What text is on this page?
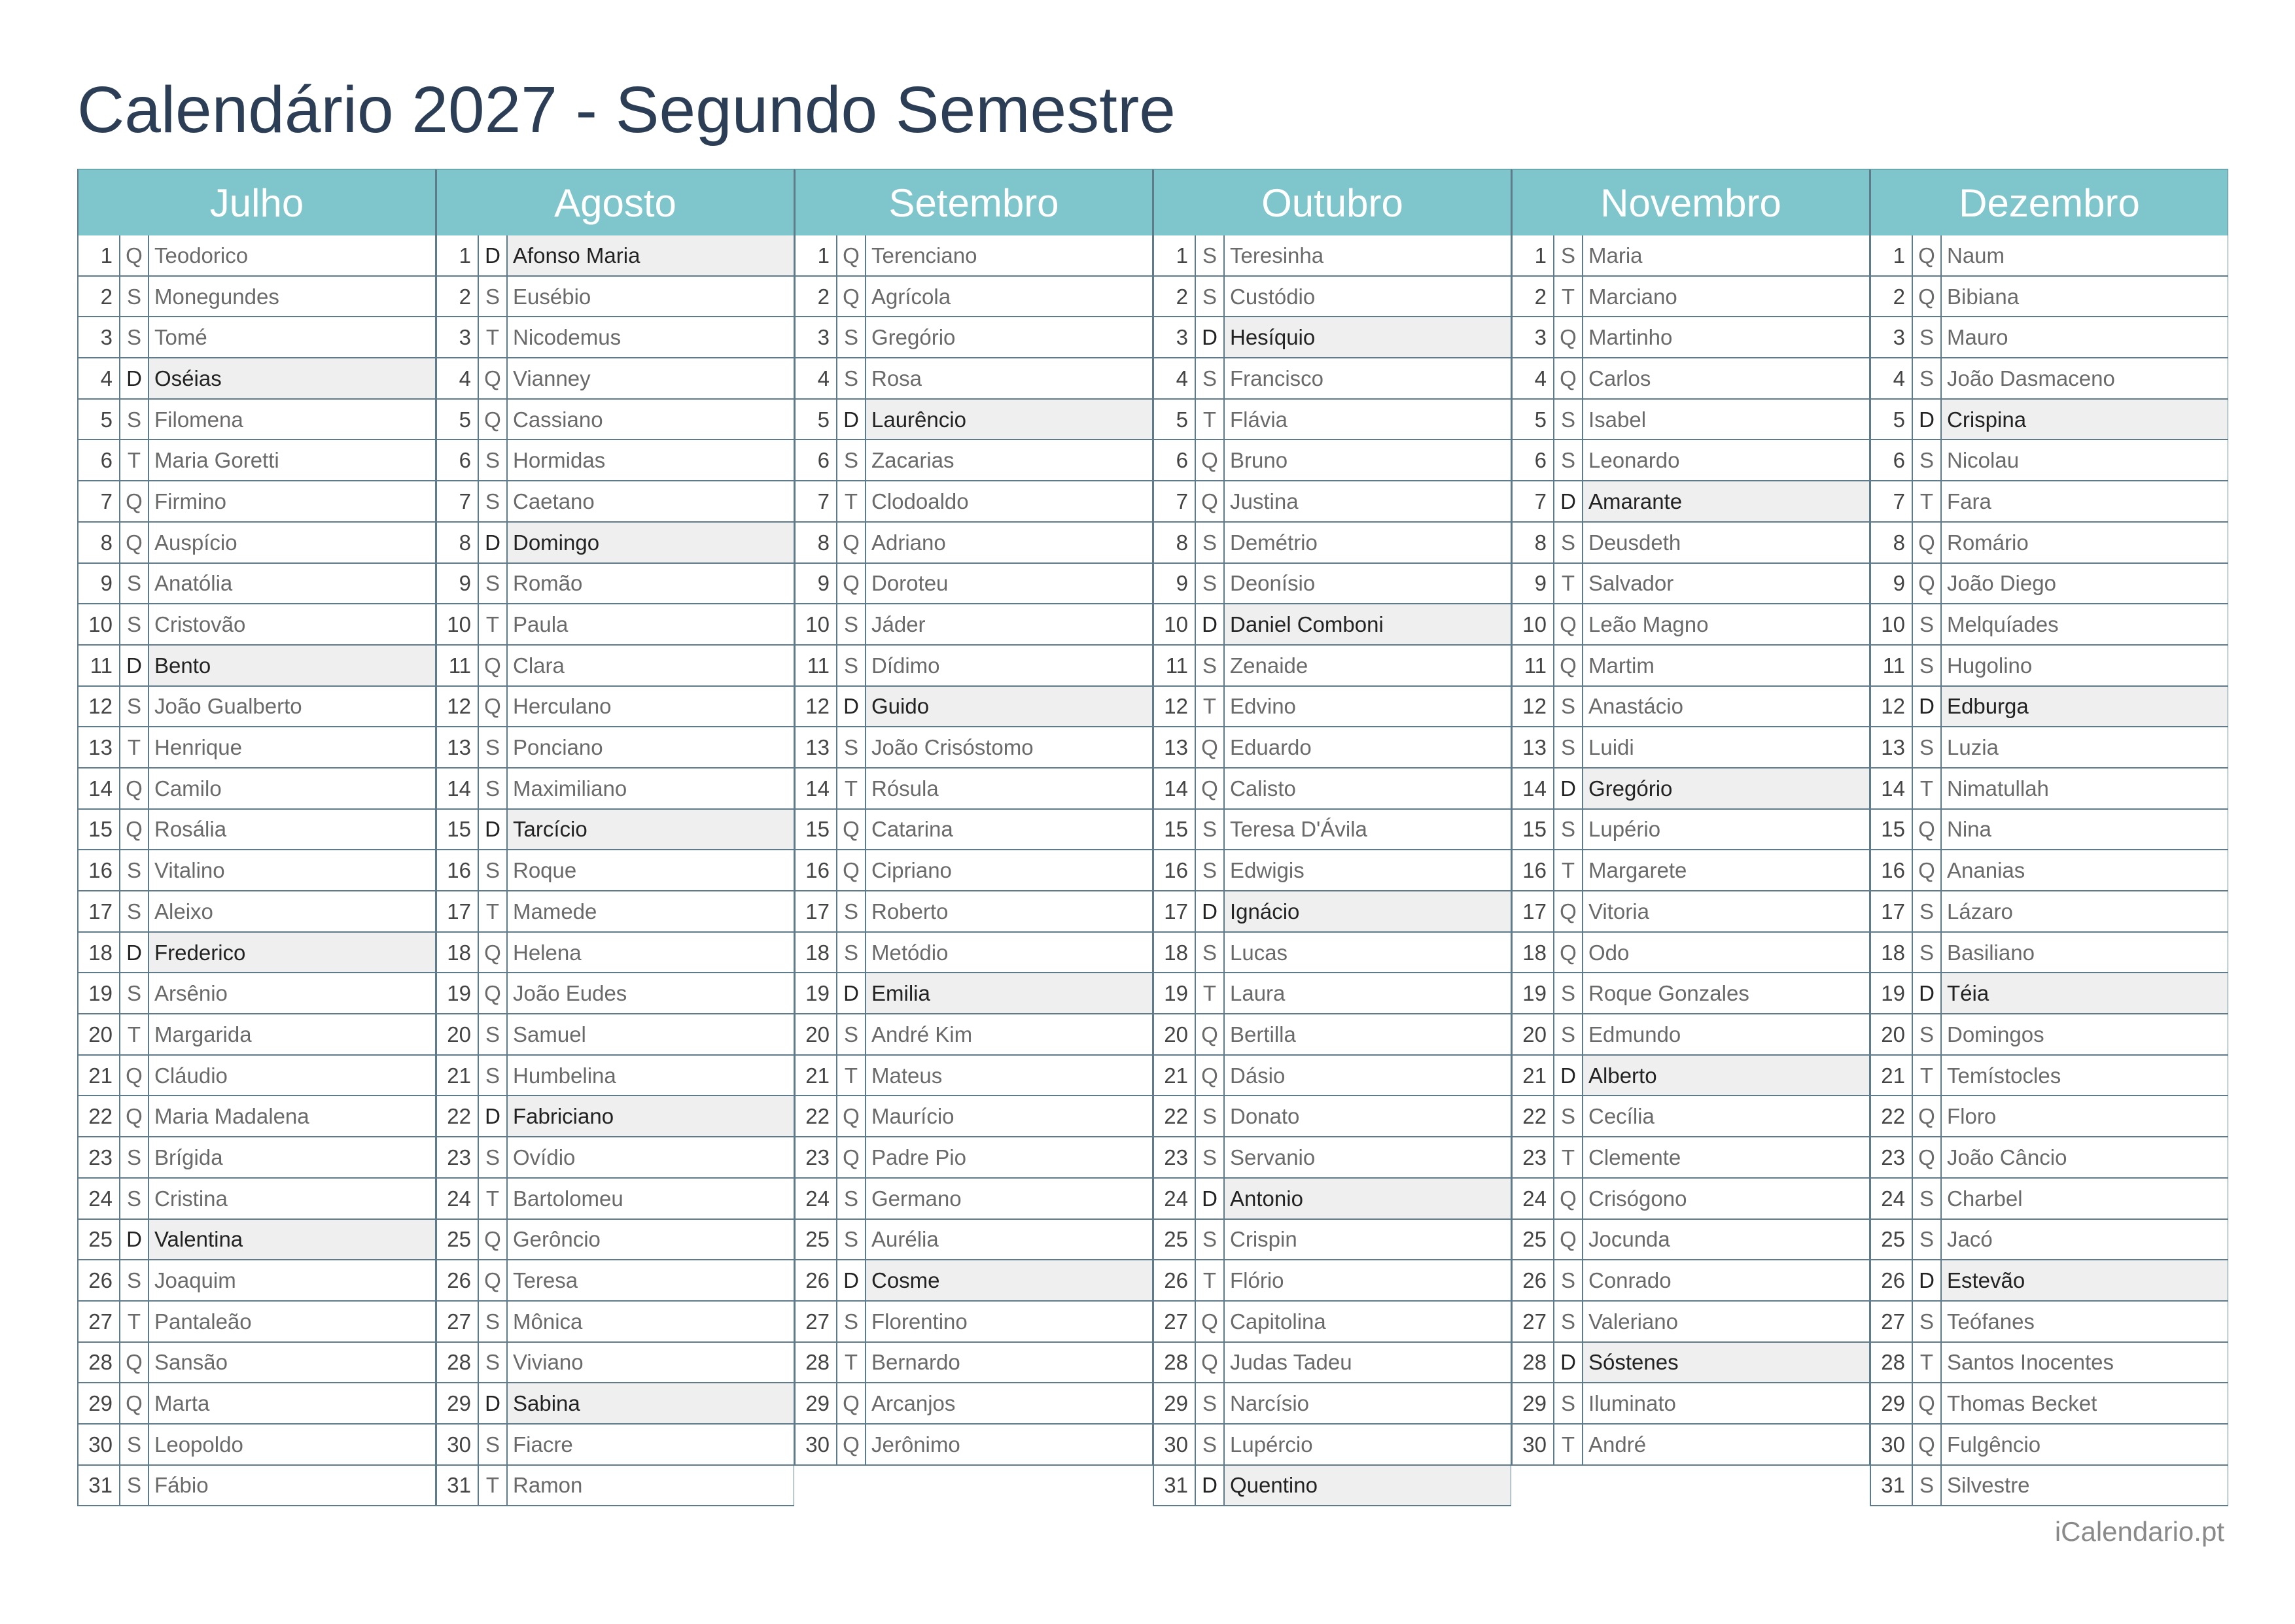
Calendário 2027 - Segundo Semestre
Julho
1 Q Teodorico
2 S Monegundes
3 S Tomé
4 D Oséias
5 S Filomena
6 T Maria Goretti
7 Q Firmino
8 Q Auspício
9 S Anatólia
10 S Cristovão
11 D Bento
12 S João Gualberto
13 T Henrique
14 Q Camilo
15 Q Rosália
16 S Vitalino
17 S Aleixo
18 D Frederico
19 S Arsênio
20 T Margarida
21 Q Cláudio
22 Q Maria Madalena
23 S Brígida
24 S Cristina
25 D Valentina
26 S Joaquim
27 T Pantaleão
28 Q Sansão
29 Q Marta
30 S Leopoldo
31 S Fábio
Agosto
1 D Afonso Maria
2 S Eusébio
3 T Nicodemus
4 Q Vianney
5 Q Cassiano
6 S Hormidas
7 S Caetano
8 D Domingo
9 S Romão
10 T Paula
11 Q Clara
12 Q Herculano
13 S Ponciano
14 S Maximiliano
15 D Tarcício
16 S Roque
17 T Mamede
18 Q Helena
19 Q João Eudes
20 S Samuel
21 S Humbelina
22 D Fabriciano
23 S Ovídio
24 T Bartolomeu
25 Q Gerôncio
26 Q Teresa
27 S Mônica
28 S Viviano
29 D Sabina
30 S Fiacre
31 T Ramon
Setembro
1 Q Terenciano
2 Q Agrícola
3 S Gregório
4 S Rosa
5 D Laurêncio
6 S Zacarias
7 T Clodoaldo
8 Q Adriano
9 Q Doroteu
10 S Jáder
11 S Dídimo
12 D Guido
13 S João Crisóstomo
14 T Rósula
15 Q Catarina
16 Q Cipriano
17 S Roberto
18 S Metódio
19 D Emilia
20 S André Kim
21 T Mateus
22 Q Maurício
23 Q Padre Pio
24 S Germano
25 S Aurélia
26 D Cosme
27 S Florentino
28 T Bernardo
29 Q Arcanjos
30 Q Jerônimo
Outubro
1 S Teresinha
2 S Custódio
3 D Hesíquio
4 S Francisco
5 T Flávia
6 Q Bruno
7 Q Justina
8 S Demétrio
9 S Deonísio
10 D Daniel Comboni
11 S Zenaide
12 T Edvino
13 Q Eduardo
14 Q Calisto
15 S Teresa D'Ávila
16 S Edwigis
17 D Ignácio
18 S Lucas
19 T Laura
20 Q Bertilla
21 Q Dásio
22 S Donato
23 S Servanio
24 D Antonio
25 S Crispin
26 T Flório
27 Q Capitolina
28 Q Judas Tadeu
29 S Narcísio
30 S Lupércio
31 D Quentino
Novembro
1 S Maria
2 T Marciano
3 Q Martinho
4 Q Carlos
5 S Isabel
6 S Leonardo
7 D Amarante
8 S Deusdeth
9 T Salvador
10 Q Leão Magno
11 Q Martim
12 S Anastácio
13 S Luidi
14 D Gregório
15 S Lupério
16 T Margarete
17 Q Vitoria
18 Q Odo
19 S Roque Gonzales
20 S Edmundo
21 D Alberto
22 S Cecília
23 T Clemente
24 Q Crisógono
25 Q Jocunda
26 S Conrado
27 S Valeriano
28 D Sóstenes
29 S Iluminato
30 T André
Dezembro
1 Q Naum
2 Q Bibiana
3 S Mauro
4 S João Dasmaceno
5 D Crispina
6 S Nicolau
7 T Fara
8 Q Romário
9 Q João Diego
10 S Melquíades
11 S Hugolino
12 D Edburga
13 S Luzia
14 T Nimatullah
15 Q Nina
16 Q Ananias
17 S Lázaro
18 S Basiliano
19 D Téia
20 S Domingos
21 T Temístocles
22 Q Floro
23 Q João Câncio
24 S Charbel
25 S Jacó
26 D Estevão
27 S Teófanes
28 T Santos Inocentes
29 Q Thomas Becket
30 Q Fulgêncio
31 S Silvestre
iCalendario.pt
